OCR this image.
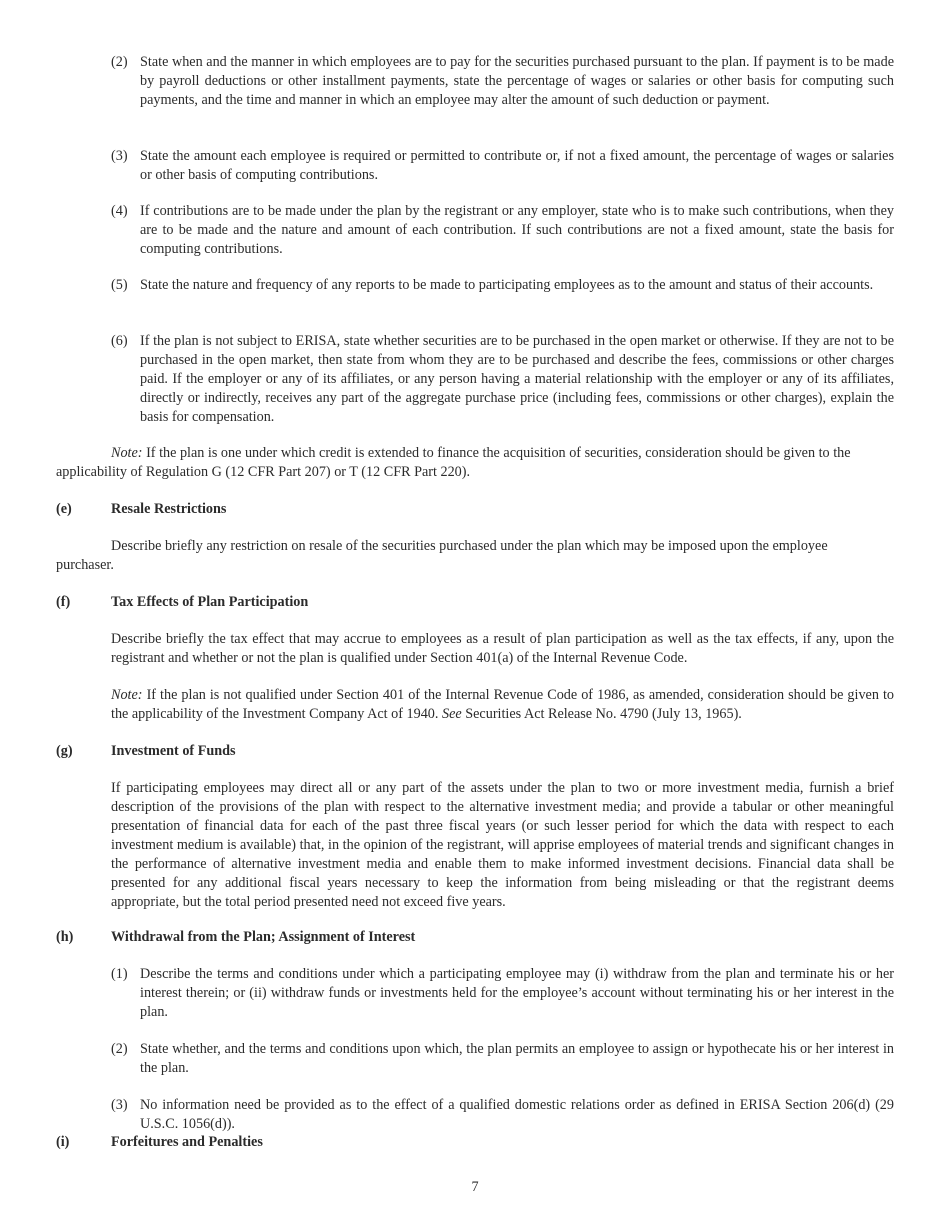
(2) State when and the manner in which employees are to pay for the securities purchased pursuant to the plan. If payment is to be made by payroll deductions or other installment payments, state the percentage of wages or salaries or other basis for computing such payments, and the time and manner in which an employee may alter the amount of such deduction or payment.
(3) State the amount each employee is required or permitted to contribute or, if not a fixed amount, the percentage of wages or salaries or other basis of computing contributions.
(4) If contributions are to be made under the plan by the registrant or any employer, state who is to make such contributions, when they are to be made and the nature and amount of each contribution. If such contributions are not a fixed amount, state the basis for computing contributions.
(5) State the nature and frequency of any reports to be made to participating employees as to the amount and status of their accounts.
(6) If the plan is not subject to ERISA, state whether securities are to be purchased in the open market or otherwise. If they are not to be purchased in the open market, then state from whom they are to be purchased and describe the fees, commissions or other charges paid. If the employer or any of its affiliates, or any person having a material relationship with the employer or any of its affiliates, directly or indirectly, receives any part of the aggregate purchase price (including fees, commissions or other charges), explain the basis for compensation.
Note: If the plan is one under which credit is extended to finance the acquisition of securities, consideration should be given to the applicability of Regulation G (12 CFR Part 207) or T (12 CFR Part 220).
(e)	Resale Restrictions
Describe briefly any restriction on resale of the securities purchased under the plan which may be imposed upon the employee purchaser.
(f)	Tax Effects of Plan Participation
Describe briefly the tax effect that may accrue to employees as a result of plan participation as well as the tax effects, if any, upon the registrant and whether or not the plan is qualified under Section 401(a) of the Internal Revenue Code.
Note: If the plan is not qualified under Section 401 of the Internal Revenue Code of 1986, as amended, consideration should be given to the applicability of the Investment Company Act of 1940. See Securities Act Release No. 4790 (July 13, 1965).
(g)	Investment of Funds
If participating employees may direct all or any part of the assets under the plan to two or more investment media, furnish a brief description of the provisions of the plan with respect to the alternative investment media; and provide a tabular or other meaningful presentation of financial data for each of the past three fiscal years (or such lesser period for which the data with respect to each investment medium is available) that, in the opinion of the registrant, will apprise employees of material trends and significant changes in the performance of alternative investment media and enable them to make informed investment decisions. Financial data shall be presented for any additional fiscal years necessary to keep the information from being misleading or that the registrant deems appropriate, but the total period presented need not exceed five years.
(h)	Withdrawal from the Plan; Assignment of Interest
(1) Describe the terms and conditions under which a participating employee may (i) withdraw from the plan and terminate his or her interest therein; or (ii) withdraw funds or investments held for the employee’s account without terminating his or her interest in the plan.
(2) State whether, and the terms and conditions upon which, the plan permits an employee to assign or hypothecate his or her interest in the plan.
(3) No information need be provided as to the effect of a qualified domestic relations order as defined in ERISA Section 206(d) (29 U.S.C. 1056(d)).
(i)	Forfeitures and Penalties
7
